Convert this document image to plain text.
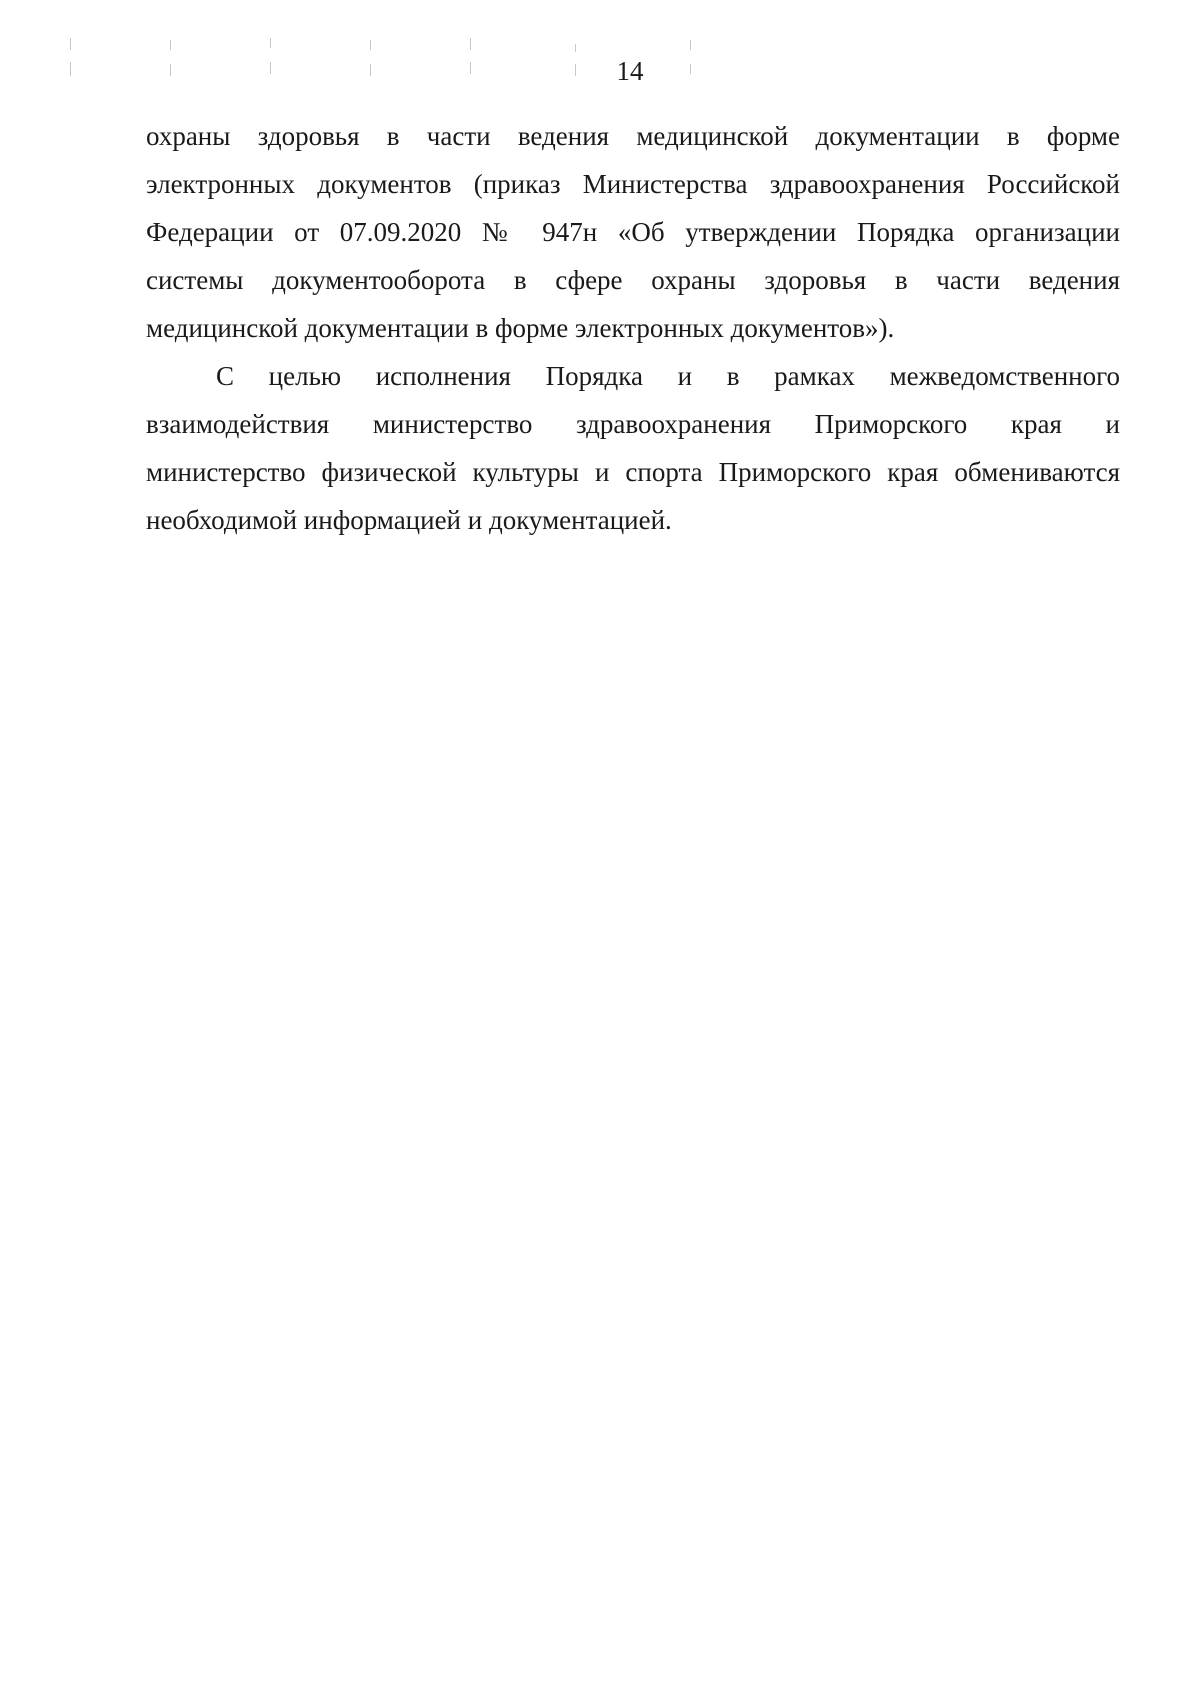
14

охраны здоровья в части ведения медицинской документации в форме
электронных документов (приказ Министерства здравоохранения Российской
Федерации от 07.09.2020 № 947н «Об утверждении Порядка организации
системы документооборота в сфере охраны здоровья в части ведения
медицинской документации в форме электронных документов»).

С целью исполнения Порядка и в рамках межведомственного
взаимодействия министерство здравоохранения Приморского края и
министерство физической культуры и спорта Приморского края обмениваются
необходимой информацией и документацией.
